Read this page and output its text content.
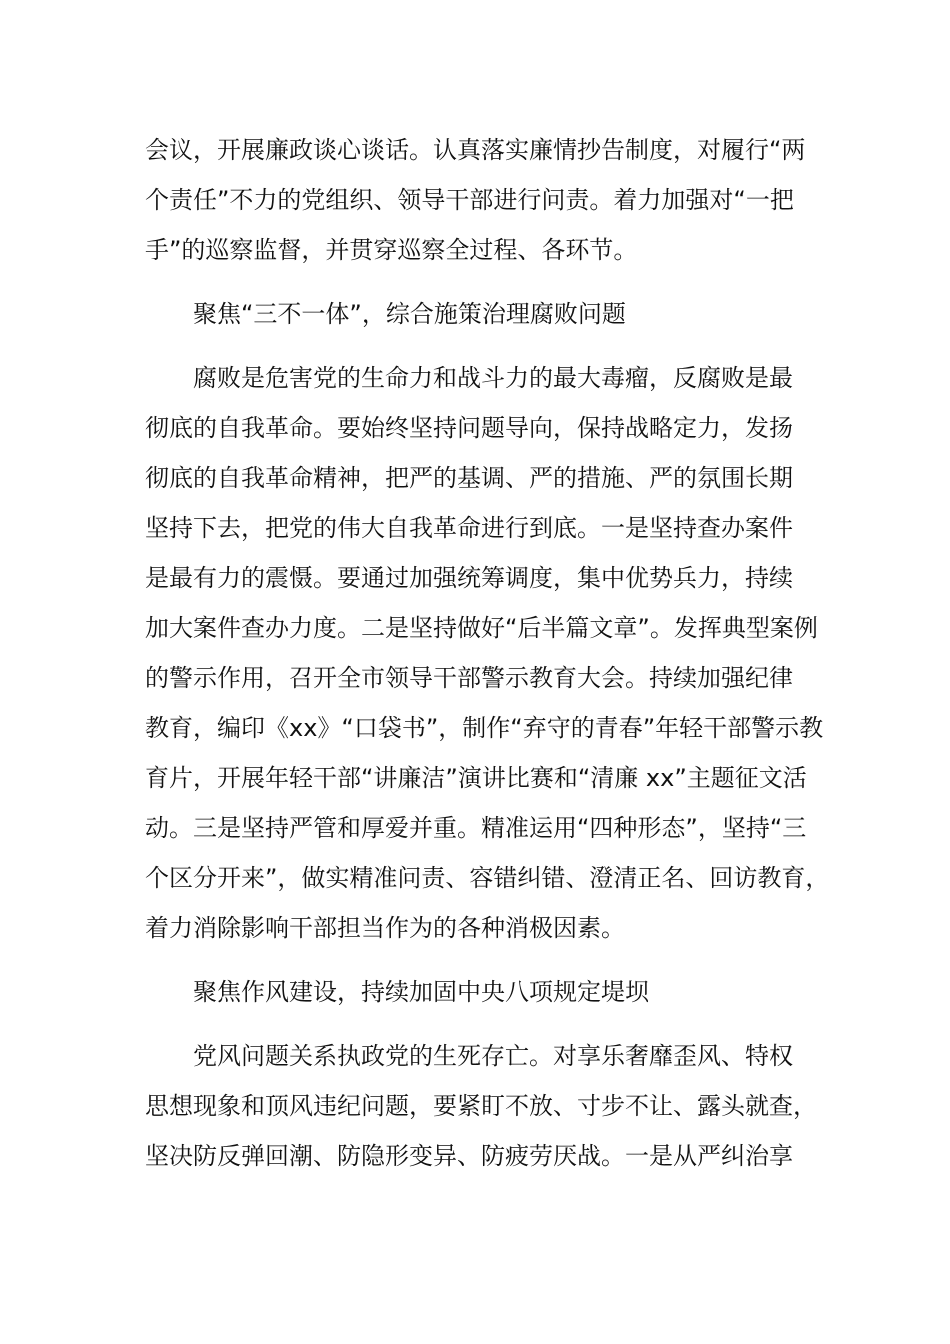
会议，开展廉政谈心谈话。认真落实廉情抄告制度，对履行“两

个责任”不力的党组织、领导干部进行问责。着力加强对“一把

手”的巡察监督，并贯穿巡察全过程、各环节。

聚焦“三不一体”，综合施策治理腐败问题

腐败是危害党的生命力和战斗力的最大毒瘤，反腐败是最

彻底的自我革命。要始终坚持问题导向，保持战略定力，发扬

彻底的自我革命精神，把严的基调、严的措施、严的氛围长期

坚持下去，把党的伟大自我革命进行到底。一是坚持查办案件

是最有力的震慑。要通过加强统筹调度，集中优势兵力，持续

加大案件查办力度。二是坚持做好“后半篇文章”。发挥典型案例

的警示作用，召开全市领导干部警示教育大会。持续加强纪律

教育，编印《xx》“口袋书”，制作“弃守的青春”年轻干部警示教

育片，开展年轻干部“讲廉洁”演讲比赛和“清廉 xx”主题征文活

动。三是坚持严管和厚爱并重。精准运用“四种形态”，坚持“三

个区分开来”，做实精准问责、容错纠错、澄清正名、回访教育，

着力消除影响干部担当作为的各种消极因素。

聚焦作风建设，持续加固中央八项规定堤坝

党风问题关系执政党的生死存亡。对享乐奢靡歪风、特权

思想现象和顶风违纪问题，要紧盯不放、寸步不让、露头就查，

坚决防反弹回潮、防隐形变异、防疲劳厌战。一是从严纠治享
